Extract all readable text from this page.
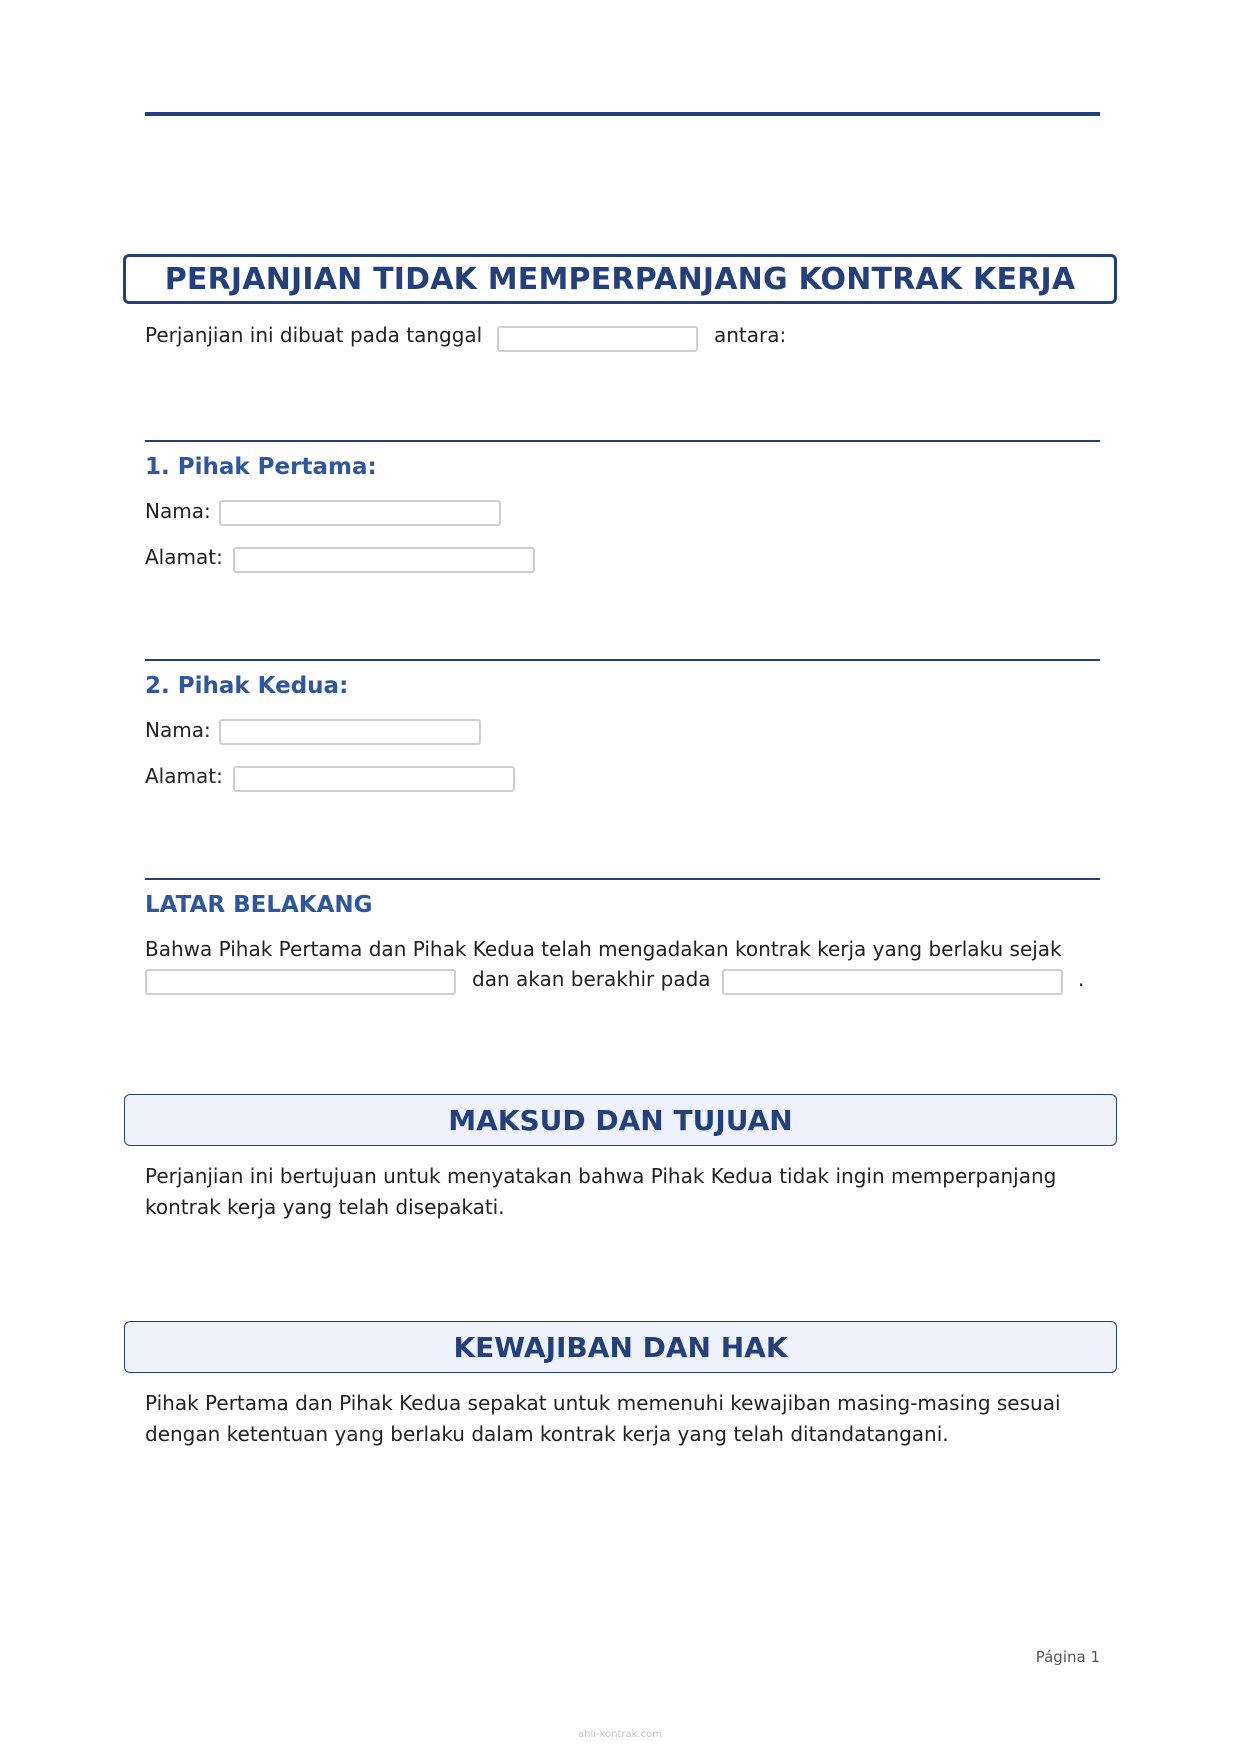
PERJANJIAN TIDAK MEMPERPANJANG KONTRAK KERJA
Perjanjian ini dibuat pada tanggal	antara:
1. Pihak Pertama:
Nama:
Alamat:
2. Pihak Kedua:
Nama:
Alamat:
LATAR BELAKANG
Bahwa Pihak Pertama dan Pihak Kedua telah mengadakan kontrak kerja yang berlaku sejak
dan akan berakhir pada	.
MAKSUD DAN TUJUAN
Perjanjian ini bertujuan untuk menyatakan bahwa Pihak Kedua tidak ingin memperpanjang kontrak kerja yang telah disepakati.
KEWAJIBAN DAN HAK
Pihak Pertama dan Pihak Kedua sepakat untuk memenuhi kewajiban masing-masing sesuai dengan ketentuan yang berlaku dalam kontrak kerja yang telah ditandatangani.
Página 1
ahli-kontrak.com
